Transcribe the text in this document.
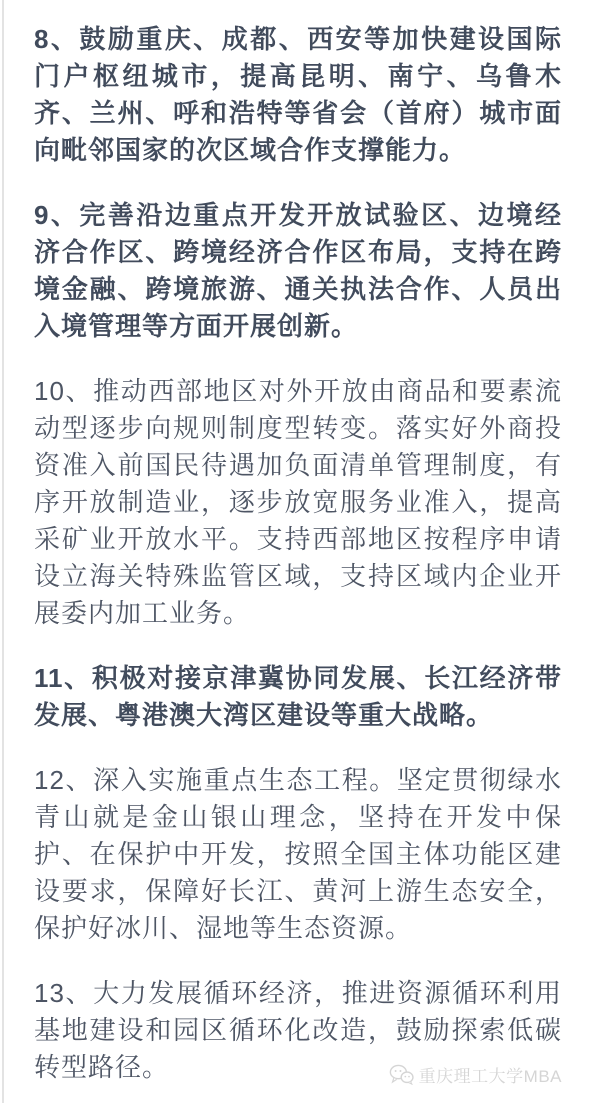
8、鼓励重庆、成都、西安等加快建设国际门户枢纽城市，提高昆明、南宁、乌鲁木齐、兰州、呼和浩特等省会（首府）城市面向毗邻国家的次区域合作支撑能力。

9、完善沿边重点开发开放试验区、边境经济合作区、跨境经济合作区布局，支持在跨境金融、跨境旅游、通关执法合作、人员出入境管理等方面开展创新。

10、推动西部地区对外开放由商品和要素流动型逐步向规则制度型转变。落实好外商投资准入前国民待遇加负面清单管理制度，有序开放制造业，逐步放宽服务业准入，提高采矿业开放水平。支持西部地区按程序申请设立海关特殊监管区域，支持区域内企业开展委内加工业务。

11、积极对接京津冀协同发展、长江经济带发展、粤港澳大湾区建设等重大战略。

12、深入实施重点生态工程。坚定贯彻绿水青山就是金山银山理念，坚持在开发中保护、在保护中开发，按照全国主体功能区建设要求，保障好长江、黄河上游生态安全，保护好冰川、湿地等生态资源。

13、大力发展循环经济，推进资源循环利用基地建设和园区循环化改造，鼓励探索低碳转型路径。	重庆理工大学MBA
